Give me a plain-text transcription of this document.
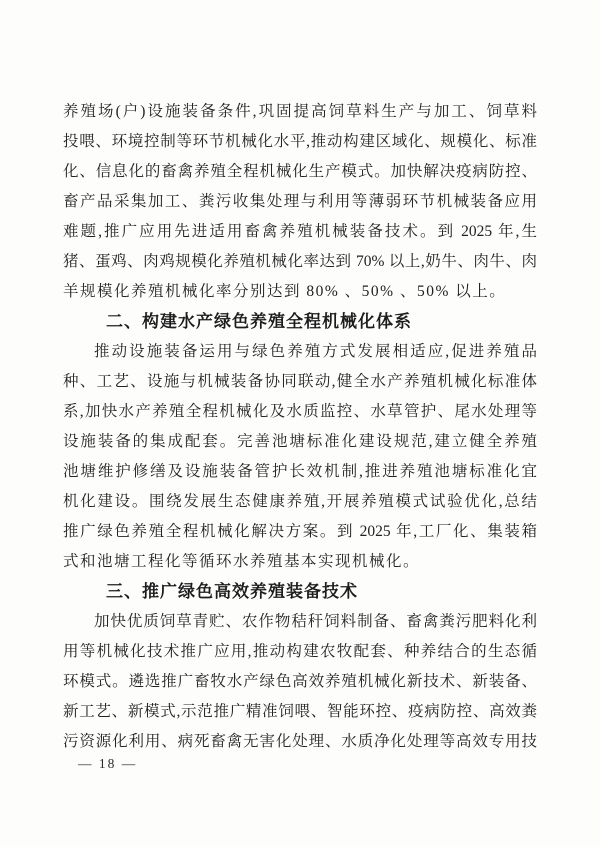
养殖场(户)设施装备条件,巩固提高饲草料生产与加工、饲草料
投喂、环境控制等环节机械化水平,推动构建区域化、规模化、标准
化、信息化的畜禽养殖全程机械化生产模式。加快解决疫病防控、
畜产品采集加工、粪污收集处理与利用等薄弱环节机械装备应用
难题,推广应用先进适用畜禽养殖机械装备技术。到 2025 年,生
猪、蛋鸡、肉鸡规模化养殖机械化率达到 70% 以上,奶牛、肉牛、肉
羊规模化养殖机械化率分别达到 80% 、50% 、50% 以上。
二、构建水产绿色养殖全程机械化体系
推动设施装备运用与绿色养殖方式发展相适应,促进养殖品
种、工艺、设施与机械装备协同联动,健全水产养殖机械化标准体
系,加快水产养殖全程机械化及水质监控、水草管护、尾水处理等
设施装备的集成配套。完善池塘标准化建设规范,建立健全养殖
池塘维护修缮及设施装备管护长效机制,推进养殖池塘标准化宜
机化建设。围绕发展生态健康养殖,开展养殖模式试验优化,总结
推广绿色养殖全程机械化解决方案。到 2025 年,工厂化、集装箱
式和池塘工程化等循环水养殖基本实现机械化。
三、推广绿色高效养殖装备技术
加快优质饲草青贮、农作物秸秆饲料制备、畜禽粪污肥料化利
用等机械化技术推广应用,推动构建农牧配套、种养结合的生态循
环模式。遴选推广畜牧水产绿色高效养殖机械化新技术、新装备、
新工艺、新模式,示范推广精准饲喂、智能环控、疫病防控、高效粪
污资源化利用、病死畜禽无害化处理、水质净化处理等高效专用技
— 18 —
